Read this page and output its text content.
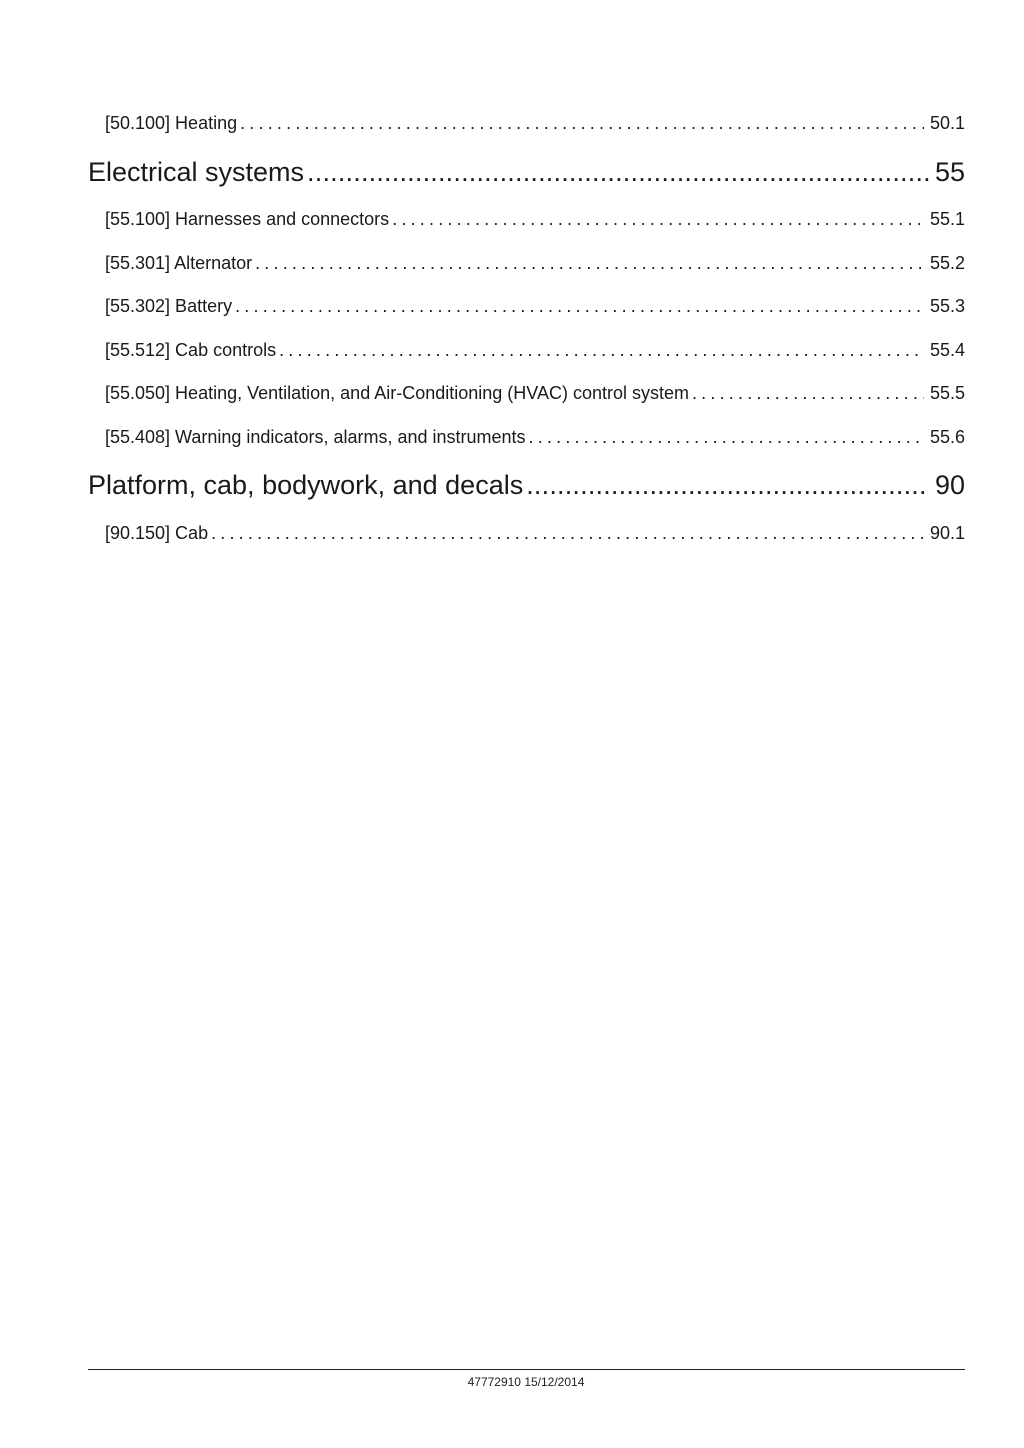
[50.100] Heating . . .	50.1
Electrical systems .....	55
[55.100] Harnesses and connectors . . .	55.1
[55.301] Alternator . . .	55.2
[55.302] Battery . . .	55.3
[55.512] Cab controls . . .	55.4
[55.050] Heating, Ventilation, and Air-Conditioning (HVAC) control system . . .	55.5
[55.408] Warning indicators, alarms, and instruments . . .	55.6
Platform, cab, bodywork, and decals .....	90
[90.150] Cab . . .	90.1
47772910 15/12/2014
